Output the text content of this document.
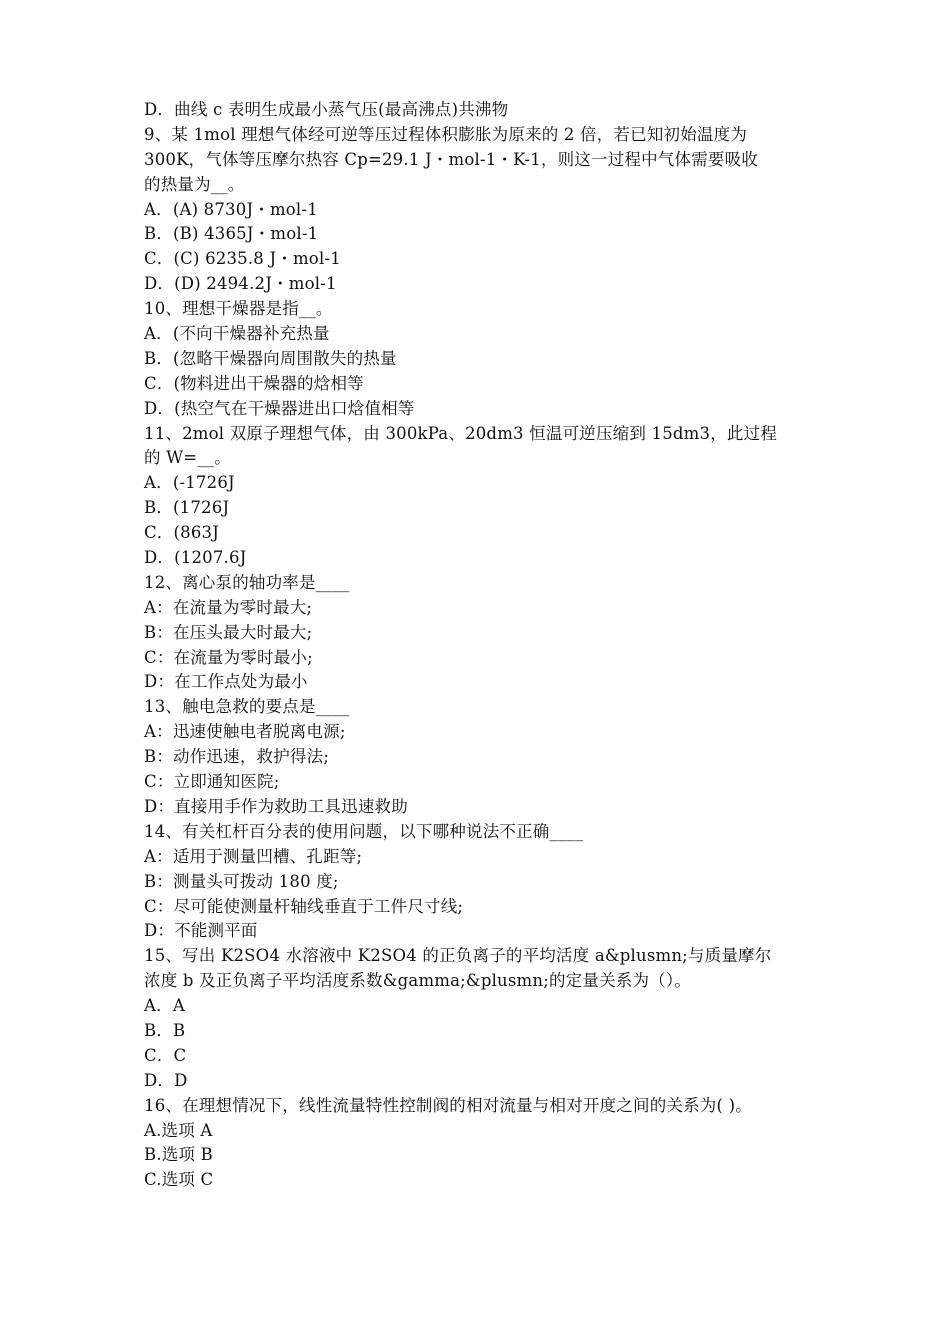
D．曲线 c 表明生成最小蒸气压(最高沸点)共沸物
9、某 1mol 理想气体经可逆等压过程体积膨胀为原来的 2 倍，若已知初始温度为
300K，气体等压摩尔热容 Cp=29.1 J・mol-1・K-1，则这一过程中气体需要吸收
的热量为__。
A．(A) 8730J・mol-1
B．(B) 4365J・mol-1
C．(C) 6235.8 J・mol-1
D．(D) 2494.2J・mol-1
10、理想干燥器是指__。
A．(不向干燥器补充热量
B．(忽略干燥器向周围散失的热量
C．(物料进出干燥器的焓相等
D．(热空气在干燥器进出口焓值相等
11、2mol 双原子理想气体，由 300kPa、20dm3 恒温可逆压缩到 15dm3，此过程
的 W=__。
A．(-1726J
B．(1726J
C．(863J
D．(1207.6J
12、离心泵的轴功率是____
A：在流量为零时最大;
B：在压头最大时最大;
C：在流量为零时最小;
D：在工作点处为最小
13、触电急救的要点是____
A：迅速使触电者脱离电源;
B：动作迅速，救护得法;
C：立即通知医院;
D：直接用手作为救助工具迅速救助
14、有关杠杆百分表的使用问题，以下哪种说法不正确____
A：适用于测量凹槽、孔距等;
B：测量头可拨动 180 度;
C：尽可能使测量杆轴线垂直于工件尺寸线;
D：不能测平面
15、写出 K2SO4 水溶液中 K2SO4 的正负离子的平均活度 a&plusmn;与质量摩尔
浓度 b 及正负离子平均活度系数&gamma;&plusmn;的定量关系为（）。
A．A
B．B
C．C
D．D
16、在理想情况下，线性流量特性控制阀的相对流量与相对开度之间的关系为( )。
A.选项 A
B.选项 B
C.选项 C
